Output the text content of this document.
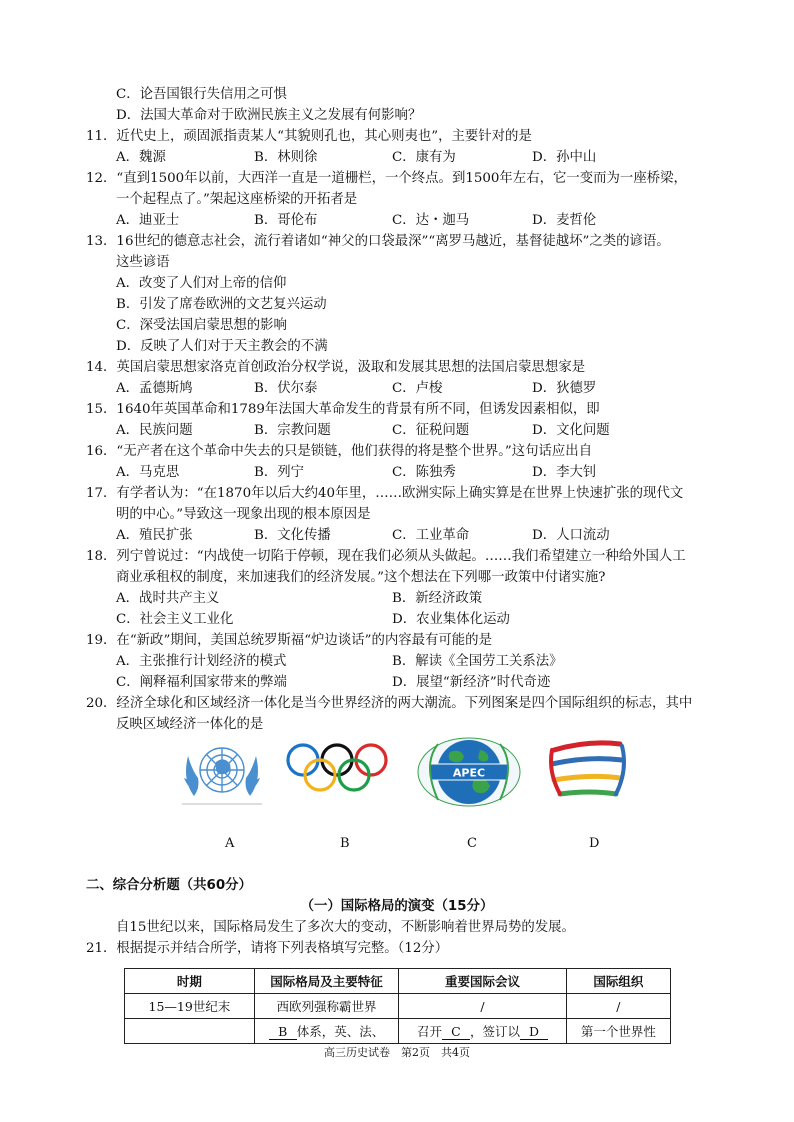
C．论吾国银行失信用之可惧
D．法国大革命对于欧洲民族主义之发展有何影响？
11．近代史上，顽固派指责某人“其貌则孔也，其心则夷也”，主要针对的是
A．魏源	B．林则徐	C．康有为	D．孙中山
12．“直到1500年以前，大西洋一直是一道栅栏，一个终点。到1500年左右，它一变而为一座桥梁，
一个起程点了。”架起这座桥梁的开拓者是
A．迪亚士	B．哥伦布	C．达・迦马	D．麦哲伦
13．16世纪的德意志社会，流行着诸如“神父的口袋最深”“离罗马越近，基督徒越坏”之类的谚语。
这些谚语
A．改变了人们对上帝的信仰
B．引发了席卷欧洲的文艺复兴运动
C．深受法国启蒙思想的影响
D．反映了人们对于天主教会的不满
14．英国启蒙思想家洛克首创政治分权学说，汲取和发展其思想的法国启蒙思想家是
A．孟德斯鸠	B．伏尔泰	C．卢梭	D．狄德罗
15．1640年英国革命和1789年法国大革命发生的背景有所不同，但诱发因素相似，即
A．民族问题	B．宗教问题	C．征税问题	D．文化问题
16．“无产者在这个革命中失去的只是锁链，他们获得的将是整个世界。”这句话应出自
A．马克思	B．列宁	C．陈独秀	D．李大钊
17．有学者认为：“在1870年以后大约40年里，……欧洲实际上确实算是在世界上快速扩张的现代文
明的中心。”导致这一现象出现的根本原因是
A．殖民扩张	B．文化传播	C．工业革命	D．人口流动
18．列宁曾说过：“内战使一切陷于停顿，现在我们必须从头做起。……我们希望建立一种给外国人工
商业承租权的制度，来加速我们的经济发展。”这个想法在下列哪一政策中付诸实施?
A．战时共产主义	B．新经济政策
C．社会主义工业化	D．农业集体化运动
19．在“新政”期间，美国总统罗斯福“炉边谈话”的内容最有可能的是
A．主张推行计划经济的模式	B．解读《全国劳工关系法》
C．阐释福利国家带来的弊端	D．展望“新经济”时代奇迹
20．经济全球化和区域经济一体化是当今世界经济的两大潮流。下列图案是四个国际组织的标志，其中
反映区域经济一体化的是
APEC
A	B	C	D
二、综合分析题（共60分）
（一）国际格局的演变（15分）
自15世纪以来，国际格局发生了多次大的变动，不断影响着世界局势的发展。
21．根据提示并结合所学，请将下列表格填写完整。（12分）
时期	国际格局及主要特征	重要国际会议	国际组织
15—19世纪末	西欧列强称霸世界	/	/
	B 体系，英、法、	召开 C ，签订以 D	第一个世界性
高三历史试卷　第2页　共4页
